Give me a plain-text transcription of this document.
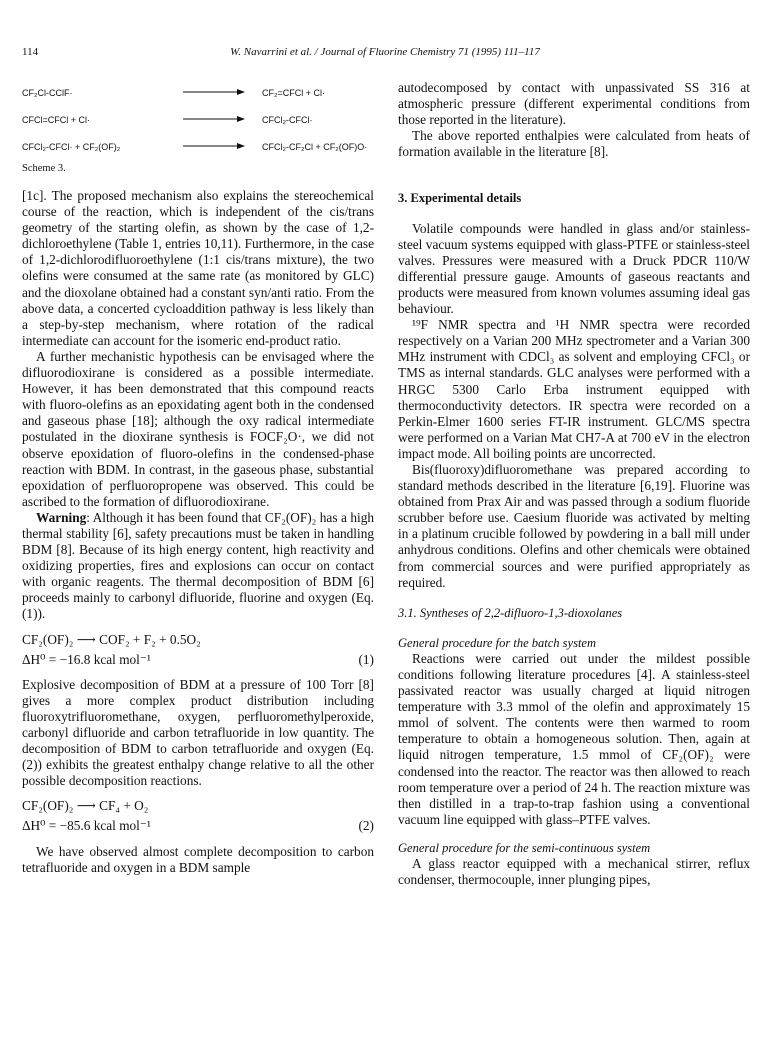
114	W. Navarrini et al. / Journal of Fluorine Chemistry 71 (1995) 111–117
CF₂Cl-CClF·	CF₂=CFCl + Cl·
CFCl=CFCl + Cl·	CFCl₂-CFCl·
CFCl₂-CFCl· + CF₂(OF)₂	CFCl₂-CF₂Cl + CF₂(OF)O·
Scheme 3.

[1c]. The proposed mechanism also explains the stereochemical course of the reaction, which is independent of the cis/trans geometry of the starting olefin, as shown by the case of 1,2-dichloroethylene (Table 1, entries 10,11). Furthermore, in the case of 1,2-dichlorodifluoroethylene (1:1 cis/trans mixture), the two olefins were consumed at the same rate (as monitored by GLC) and the dioxolane obtained had a constant syn/anti ratio. From the above data, a concerted cycloaddition pathway is less likely than a step-by-step mechanism, where rotation of the radical intermediate can account for the isomeric end-product ratio.

A further mechanistic hypothesis can be envisaged where the difluorodioxirane is considered as a possible intermediate. However, it has been demonstrated that this compound reacts with fluoro-olefins as an epoxidating agent both in the condensed and gaseous phase [18]; although the oxy radical intermediate postulated in the dioxirane synthesis is FOCF₂O·, we did not observe epoxidation of fluoro-olefins in the condensed-phase reaction with BDM. In contrast, in the gaseous phase, substantial epoxidation of perfluoropropene was observed. This could be ascribed to the formation of difluorodioxirane.

Warning: Although it has been found that CF₂(OF)₂ has a high thermal stability [6], safety precautions must be taken in handling BDM [8]. Because of its high energy content, high reactivity and oxidizing properties, fires and explosions can occur on contact with organic reagents. The thermal decomposition of BDM [6] proceeds mainly to carbonyl difluoride, fluorine and oxygen (Eq. (1)).

CF₂(OF)₂ ⟶ COF₂ + F₂ + 0.5O₂
ΔH⁰ = −16.8 kcal mol⁻¹	(1)

Explosive decomposition of BDM at a pressure of 100 Torr [8] gives a more complex product distribution including fluoroxytrifluoromethane, oxygen, perfluoromethylperoxide, carbonyl difluoride and carbon tetrafluoride in low quantity. The decomposition of BDM to carbon tetrafluoride and oxygen (Eq. (2)) exhibits the greatest enthalpy change relative to all the other possible decomposition reactions.

CF₂(OF)₂ ⟶ CF₄ + O₂
ΔH⁰ = −85.6 kcal mol⁻¹	(2)

We have observed almost complete decomposition to carbon tetrafluoride and oxygen in a BDM sample

autodecomposed by contact with unpassivated SS 316 at atmospheric pressure (different experimental conditions from those reported in the literature).

The above reported enthalpies were calculated from heats of formation available in the literature [8].

3. Experimental details

Volatile compounds were handled in glass and/or stainless-steel vacuum systems equipped with glass-PTFE or stainless-steel valves. Pressures were measured with a Druck PDCR 110/W differential pressure gauge. Amounts of gaseous reactants and products were measured from known volumes assuming ideal gas behaviour.

¹⁹F NMR spectra and ¹H NMR spectra were recorded respectively on a Varian 200 MHz spectrometer and a Varian 300 MHz instrument with CDCl₃ as solvent and employing CFCl₃ or TMS as internal standards. GLC analyses were performed with a HRGC 5300 Carlo Erba instrument equipped with thermoconductivity detectors. IR spectra were recorded on a Perkin-Elmer 1600 series FT-IR instrument. GLC/MS spectra were performed on a Varian Mat CH7-A at 700 eV in the electron impact mode. All boiling points are uncorrected.

Bis(fluoroxy)difluoromethane was prepared according to standard methods described in the literature [6,19]. Fluorine was obtained from Prax Air and was passed through a sodium fluoride scrubber before use. Caesium fluoride was activated by melting in a platinum crucible followed by powdering in a ball mill under anhydrous conditions. Olefins and other chemicals were obtained from commercial sources and were purified appropriately as required.

3.1. Syntheses of 2,2-difluoro-1,3-dioxolanes

General procedure for the batch system

Reactions were carried out under the mildest possible conditions following literature procedures [4]. A stainless-steel passivated reactor was usually charged at liquid nitrogen temperature with 3.3 mmol of the olefin and approximately 15 mmol of solvent. The contents were then warmed to room temperature to obtain a homogeneous solution. Then, again at liquid nitrogen temperature, 1.5 mmol of CF₂(OF)₂ were condensed into the reactor. The reactor was then allowed to reach room temperature over a period of 24 h. The reaction mixture was then distilled in a trap-to-trap fashion using a conventional vacuum line equipped with glass–PTFE valves.

General procedure for the semi-continuous system

A glass reactor equipped with a mechanical stirrer, reflux condenser, thermocouple, inner plunging pipes,
